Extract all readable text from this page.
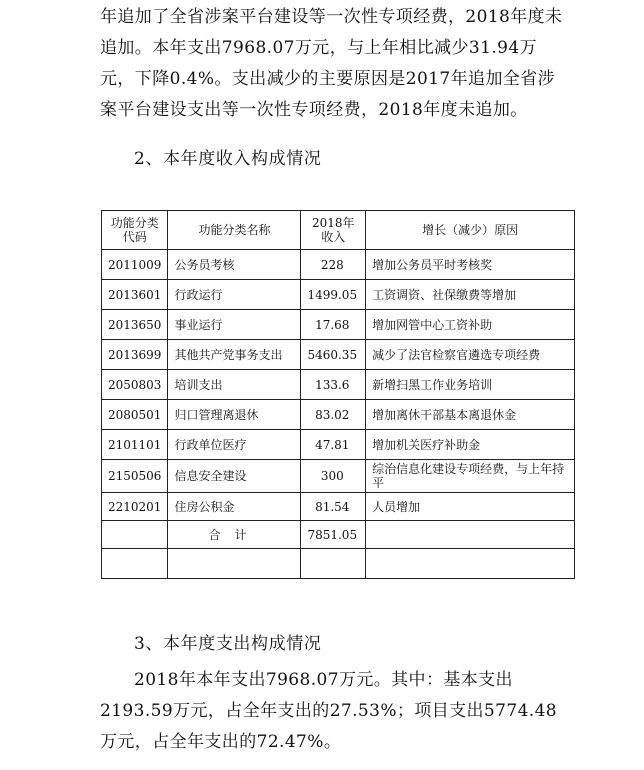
年追加了全省涉案平台建设等一次性专项经费，2018年度未追加。本年支出7968.07万元，与上年相比减少31.94万元，下降0.4%。支出减少的主要原因是2017年追加全省涉案平台建设支出等一次性专项经费，2018年度未追加。

2、本年度收入构成情况

功能分类代码	功能分类名称	2018年收入	增长（减少）原因
2011009	公务员考核	228	增加公务员平时考核奖
2013601	行政运行	1499.05	工资调资、社保缴费等增加
2013650	事业运行	17.68	增加网管中心工资补助
2013699	其他共产党事务支出	5460.35	减少了法官检察官遴选专项经费
2050803	培训支出	133.6	新增扫黑工作业务培训
2080501	归口管理离退休	83.02	增加离休干部基本离退休金
2101101	行政单位医疗	47.81	增加机关医疗补助金
2150506	信息安全建设	300	综治信息化建设专项经费，与上年持平
2210201	住房公积金	81.54	人员增加
	合计	7851.05	

3、本年度支出构成情况

2018年本年支出7968.07万元。其中：基本支出2193.59万元，占全年支出的27.53%；项目支出5774.48万元，占全年支出的72.47%。
